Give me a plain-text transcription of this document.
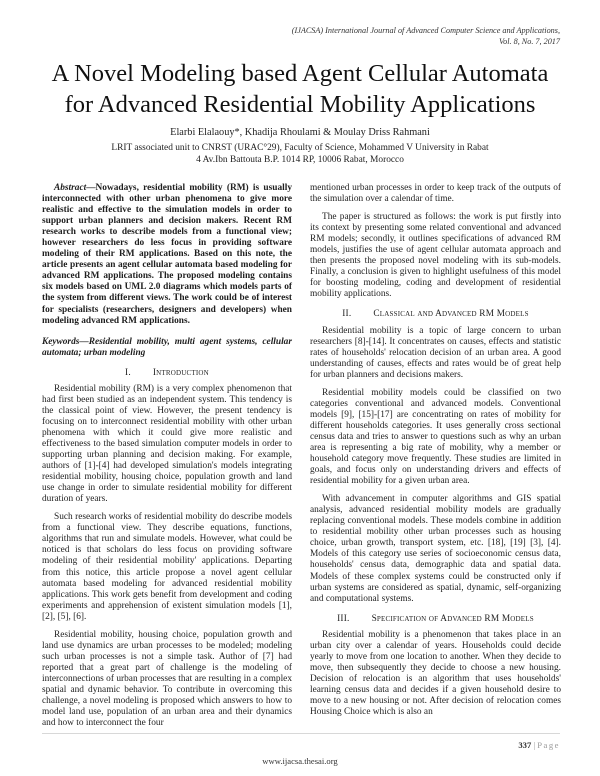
(IJACSA) International Journal of Advanced Computer Science and Applications,
Vol. 8, No. 7, 2017
A Novel Modeling based Agent Cellular Automata
for Advanced Residential Mobility Applications
Elarbi Elalaouy*, Khadija Rhoulami & Moulay Driss Rahmani
LRIT associated unit to CNRST (URAC°29), Faculty of Science, Mohammed V University in Rabat
4 Av.Ibn Battouta B.P. 1014 RP, 10006 Rabat, Morocco

Abstract—Nowadays, residential mobility (RM) is usually interconnected with other urban phenomena to give more realistic and effective to the simulation models in order to support urban planners and decision makers. Recent RM research works to describe models from a functional view; however researchers do less focus in providing software modeling of their RM applications. Based on this note, the article presents an agent cellular automata based modeling for advanced RM applications. The proposed modeling contains six models based on UML 2.0 diagrams which models parts of the system from different views. The work could be of interest for specialists (researchers, designers and developers) when modeling advanced RM applications.

Keywords—Residential mobility, multi agent systems, cellular automata; urban modeling

I. Introduction

Residential mobility (RM) is a very complex phenomenon that had first been studied as an independent system. This tendency is the classical point of view. However, the present tendency is focusing on to interconnect residential mobility with other urban phenomena with which it could give more realistic and effectiveness to the based simulation computer models in order to supporting urban planning and decision making. For example, authors of [1]-[4] had developed simulation's models integrating residential mobility, housing choice, population growth and land use change in order to simulate residential mobility for different duration of years.

Such research works of residential mobility do describe models from a functional view. They describe equations, functions, algorithms that run and simulate models. However, what could be noticed is that scholars do less focus on providing software modeling of their residential mobility' applications. Departing from this notice, this article propose a novel agent cellular automata based modeling for advanced residential mobility applications. This work gets benefit from development and coding experiments and apprehension of existent simulation models [1], [2], [5], [6].

Residential mobility, housing choice, population growth and land use dynamics are urban processes to be modeled; modeling such urban processes is not a simple task. Author of [7] had reported that a great part of challenge is the modeling of interconnections of urban processes that are resulting in a complex spatial and dynamic behavior. To contribute in overcoming this challenge, a novel modeling is proposed which answers to how to model land use, population of an urban area and their dynamics and how to interconnect the four

mentioned urban processes in order to keep track of the outputs of the simulation over a calendar of time.

The paper is structured as follows: the work is put firstly into its context by presenting some related conventional and advanced RM models; secondly, it outlines specifications of advanced RM models, justifies the use of agent cellular automata approach and then presents the proposed novel modeling with its sub-models. Finally, a conclusion is given to highlight usefulness of this model for boosting modeling, coding and development of residential mobility applications.

II. Classical and Advanced RM Models

Residential mobility is a topic of large concern to urban researchers [8]-[14]. It concentrates on causes, effects and statistic rates of households' relocation decision of an urban area. A good understanding of causes, effects and rates would be of great help for urban planners and decisions makers.

Residential mobility models could be classified on two categories conventional and advanced models. Conventional models [9], [15]-[17] are concentrating on rates of mobility for different households categories. It uses generally cross sectional census data and tries to answer to questions such as why an urban area is representing a big rate of mobility, why a member or household category move frequently. These studies are limited in goals, and focus only on understanding drivers and effects of residential mobility for a given urban area.

With advancement in computer algorithms and GIS spatial analysis, advanced residential mobility models are gradually replacing conventional models. These models combine in addition to residential mobility other urban processes such as housing choice, urban growth, transport system, etc. [18], [19] [3], [4]. Models of this category use series of socioeconomic census data, households' census data, demographic data and spatial data. Models of these complex systems could be constructed only if urban systems are considered as spatial, dynamic, self-organizing and computational systems.

III. Specification of Advanced RM Models

Residential mobility is a phenomenon that takes place in an urban city over a calendar of years. Households could decide yearly to move from one location to another. When they decide to move, then subsequently they decide to choose a new housing. Decision of relocation is an algorithm that uses households' learning census data and decides if a given household desire to move to a new housing or not. After decision of relocation comes Housing Choice which is also an

337 | Page
www.ijacsa.thesai.org
